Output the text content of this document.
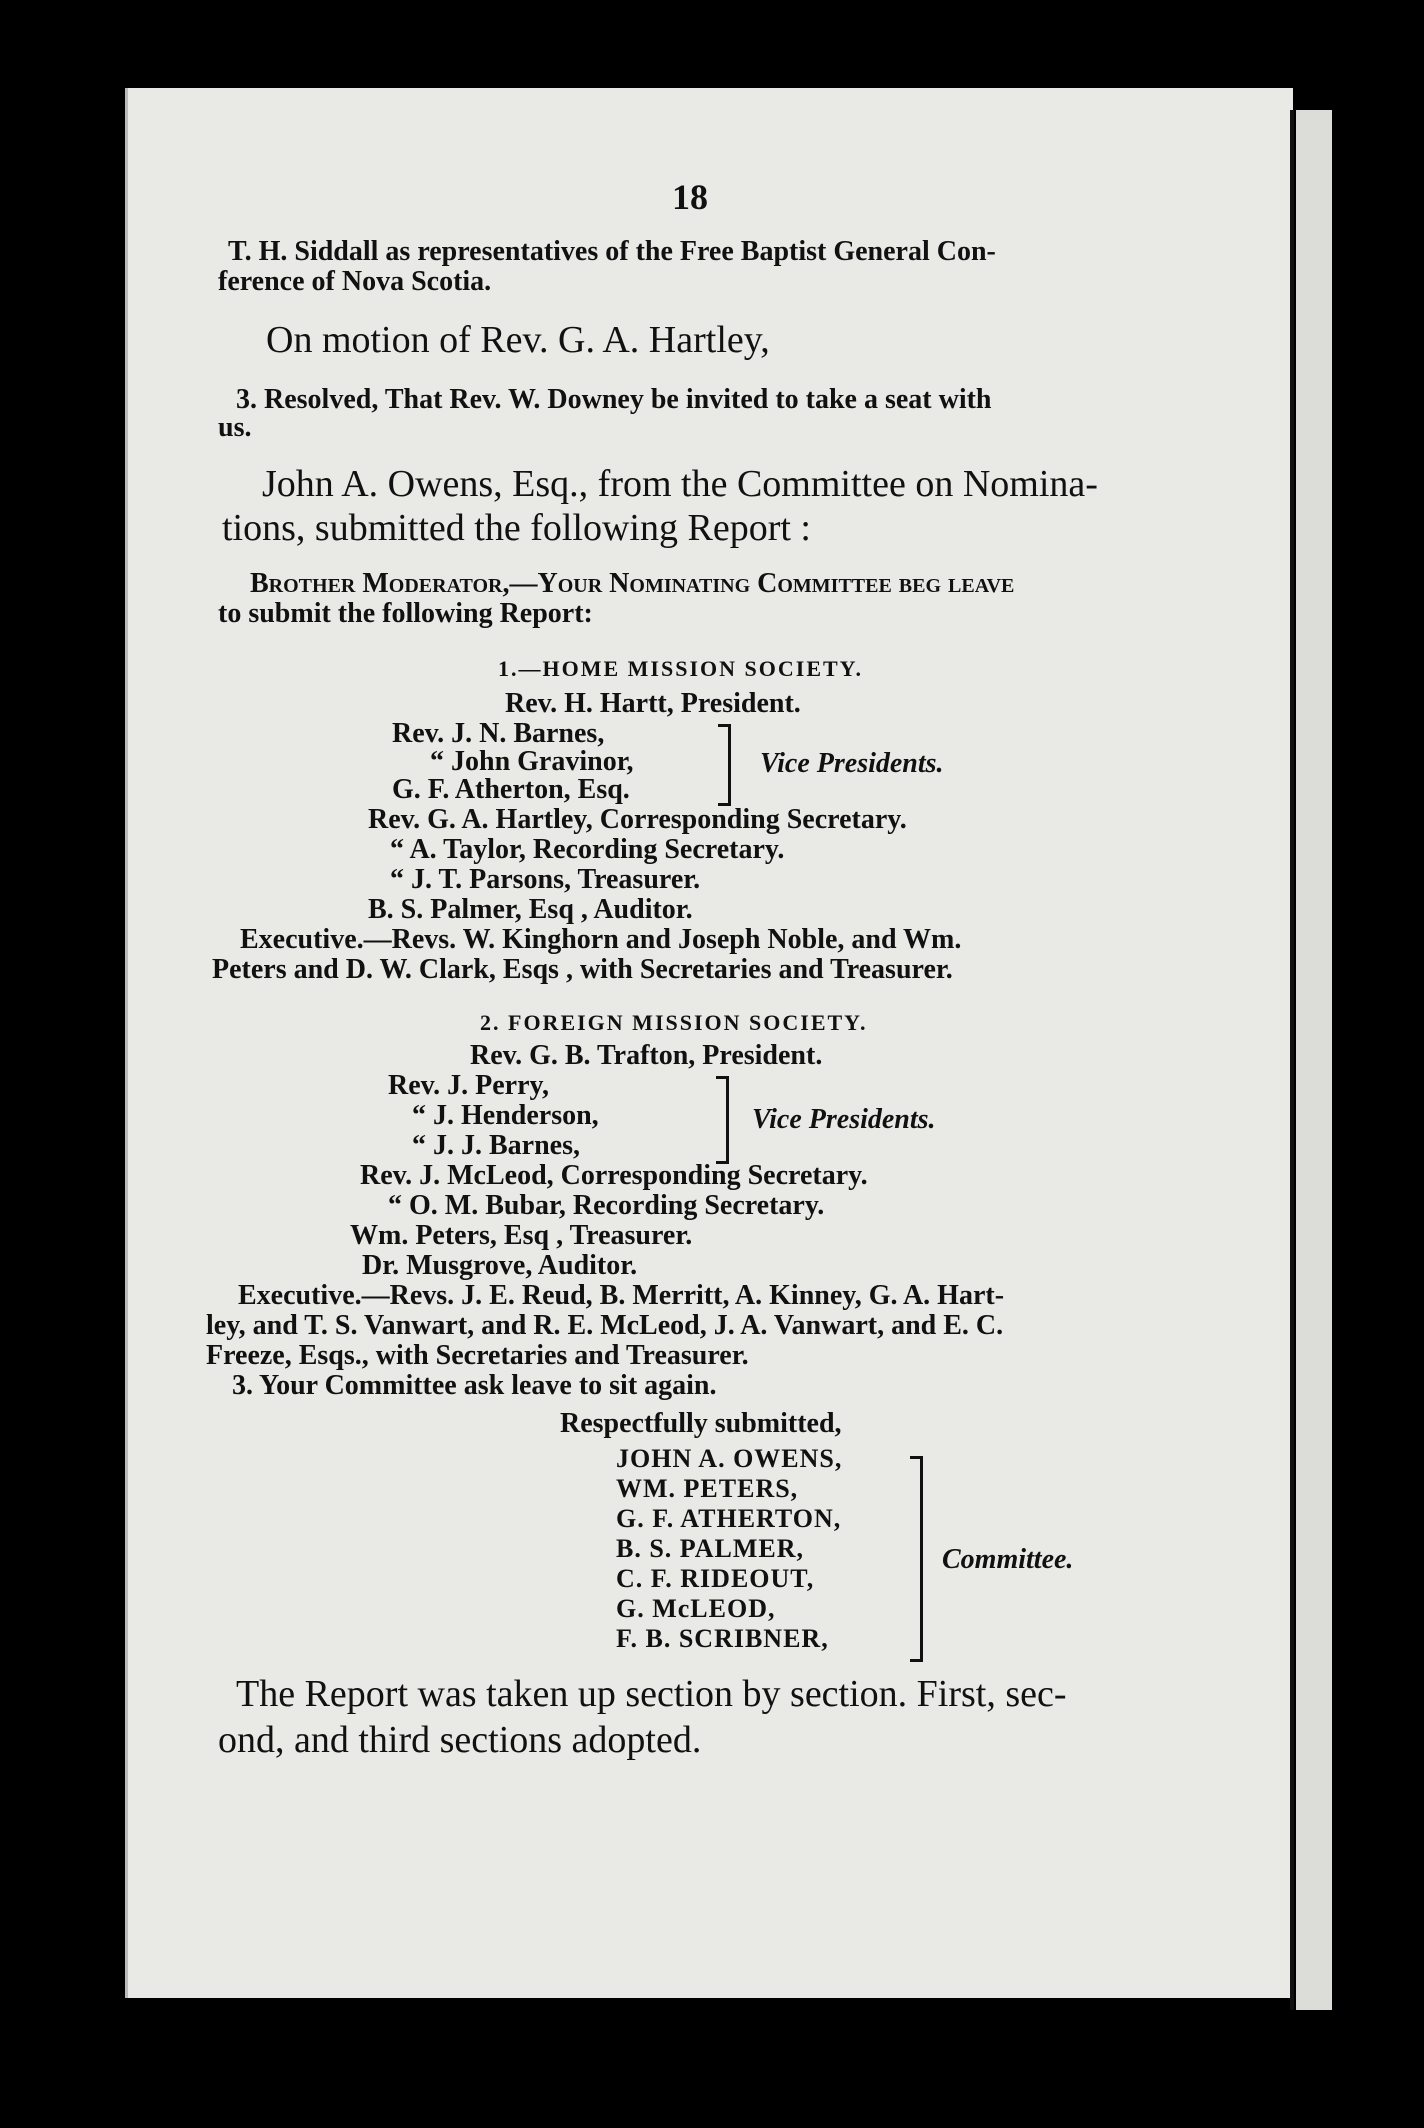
18
T. H. Siddall as representatives of the Free Baptist General Con-
ference of Nova Scotia.
On motion of Rev. G. A. Hartley,
3. Resolved, That Rev. W. Downey be invited to take a seat with
us.
John A. Owens, Esq., from the Committee on Nomina-
tions, submitted the following Report :
Brother Moderator,—Your Nominating Committee beg leave
to submit the following Report:
1.—HOME MISSION SOCIETY.
Rev. H. Hartt, President.
Rev. J. N. Barnes,
“ John Gravinor,
G. F. Atherton, Esq.
Vice Presidents.
Rev. G. A. Hartley, Corresponding Secretary.
“ A. Taylor, Recording Secretary.
“ J. T. Parsons, Treasurer.
B. S. Palmer, Esq , Auditor.
Executive.—Revs. W. Kinghorn and Joseph Noble, and Wm.
Peters and D. W. Clark, Esqs , with Secretaries and Treasurer.
2. FOREIGN MISSION SOCIETY.
Rev. G. B. Trafton, President.
Rev. J. Perry,
“ J. Henderson,
“ J. J. Barnes,
Vice Presidents.
Rev. J. McLeod, Corresponding Secretary.
“ O. M. Bubar, Recording Secretary.
Wm. Peters, Esq , Treasurer.
Dr. Musgrove, Auditor.
Executive.—Revs. J. E. Reud, B. Merritt, A. Kinney, G. A. Hart-
ley, and T. S. Vanwart, and R. E. McLeod, J. A. Vanwart, and E. C.
Freeze, Esqs., with Secretaries and Treasurer.
3. Your Committee ask leave to sit again.
Respectfully submitted,
JOHN A. OWENS,
WM. PETERS,
G. F. ATHERTON,
B. S. PALMER,
C. F. RIDEOUT,
G. McLEOD,
F. B. SCRIBNER,
Committee.
The Report was taken up section by section. First, sec-
ond, and third sections adopted.
